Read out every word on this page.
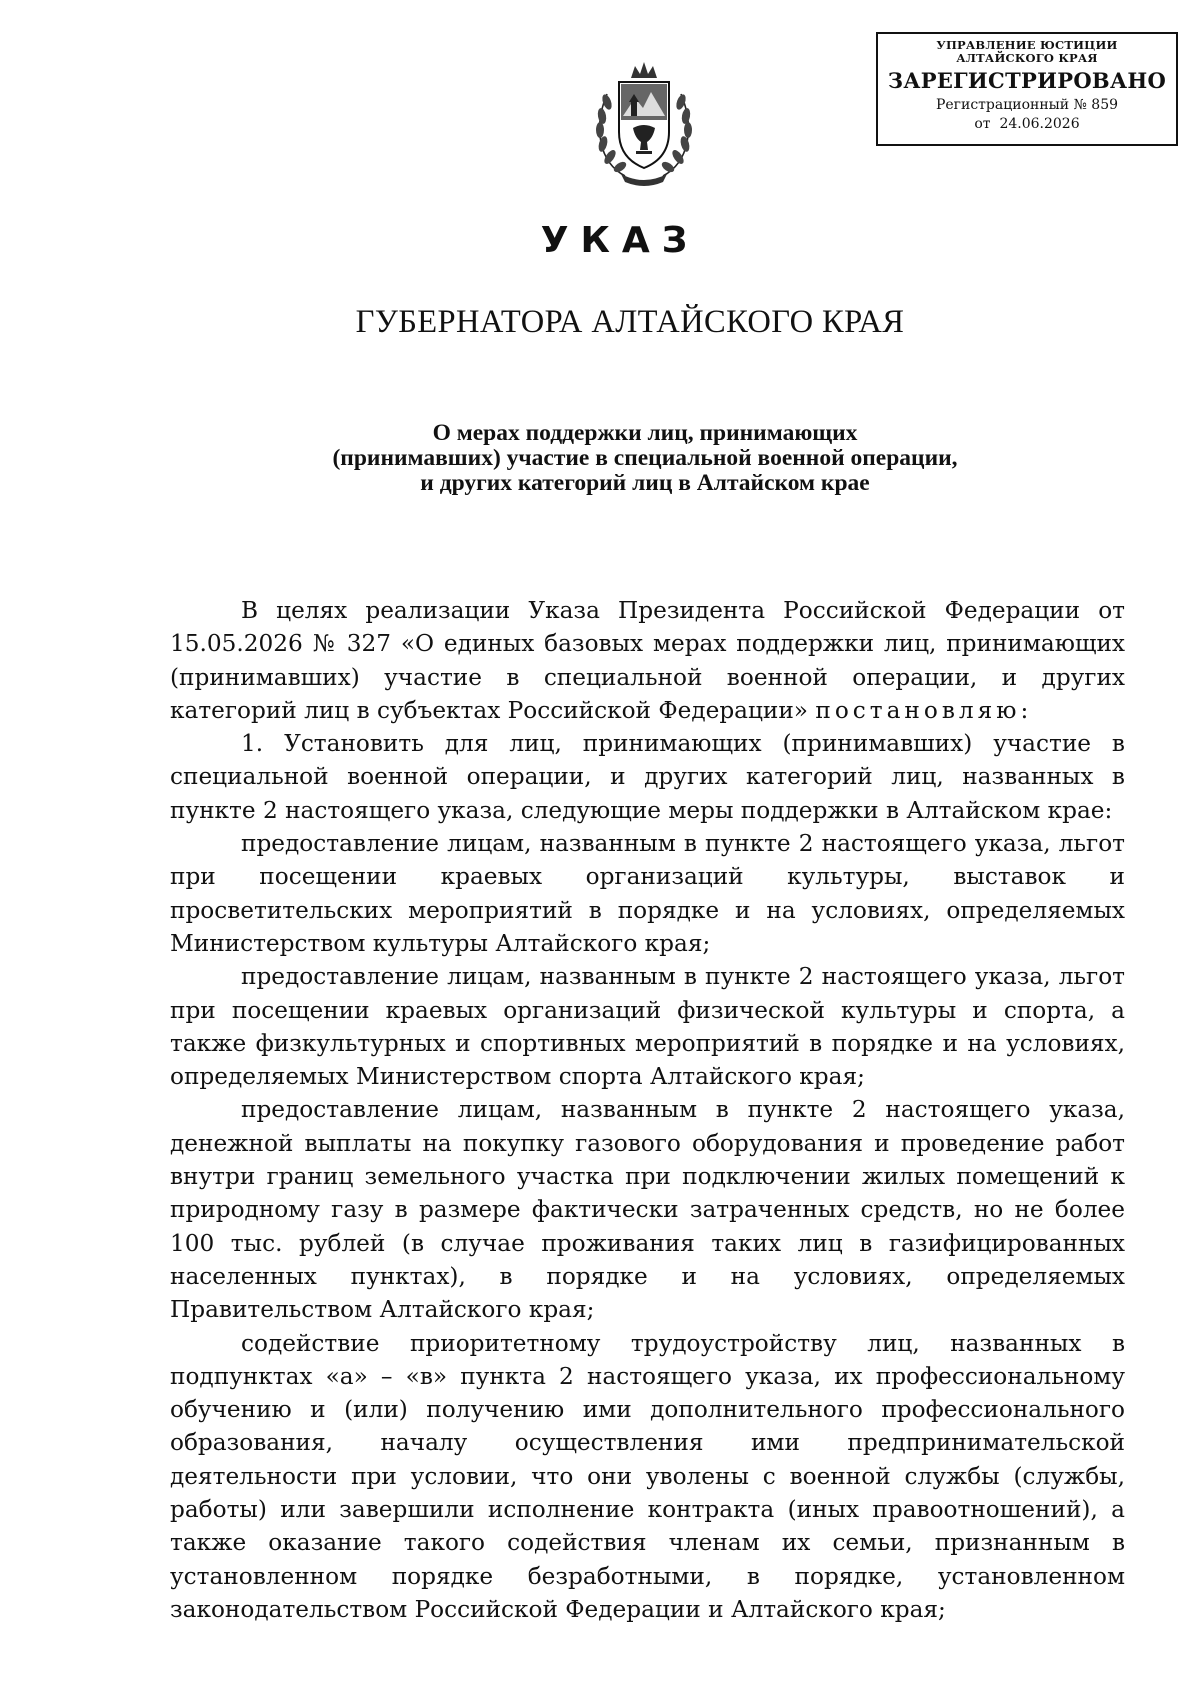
УПРАВЛЕНИЕ ЮСТИЦИИ
АЛТАЙСКОГО КРАЯ
ЗАРЕГИСТРИРОВАНО
Регистрационный № 859
от  24.06.2026
УКАЗ
ГУБЕРНАТОРА АЛТАЙСКОГО КРАЯ
О мерах поддержки лиц, принимающих
(принимавших) участие в специальной военной операции,
и других категорий лиц в Алтайском крае

В целях реализации Указа Президента Российской Федерации от 15.05.2026 № 327 «О единых базовых мерах поддержки лиц, принимающих (принимавших) участие в специальной военной операции, и других категорий лиц в субъектах Российской Федерации» постановляю:

1. Установить для лиц, принимающих (принимавших) участие в специальной военной операции, и других категорий лиц, названных в пункте 2 настоящего указа, следующие меры поддержки в Алтайском крае:

предоставление лицам, названным в пункте 2 настоящего указа, льгот при посещении краевых организаций культуры, выставок и просветительских мероприятий в порядке и на условиях, определяемых Министерством культуры Алтайского края;

предоставление лицам, названным в пункте 2 настоящего указа, льгот при посещении краевых организаций физической культуры и спорта, а также физкультурных и спортивных мероприятий в порядке и на условиях, определяемых Министерством спорта Алтайского края;

предоставление лицам, названным в пункте 2 настоящего указа, денежной выплаты на покупку газового оборудования и проведение работ внутри границ земельного участка при подключении жилых помещений к природному газу в размере фактически затраченных средств, но не более 100 тыс. рублей (в случае проживания таких лиц в газифицированных населенных пунктах), в порядке и на условиях, определяемых Правительством Алтайского края;

содействие приоритетному трудоустройству лиц, названных в подпунктах «а» – «в» пункта 2 настоящего указа, их профессиональному обучению и (или) получению ими дополнительного профессионального образования, началу осуществления ими предпринимательской деятельности при условии, что они уволены с военной службы (службы, работы) или завершили исполнение контракта (иных правоотношений), а также оказание такого содействия членам их семьи, признанным в установленном порядке безработными, в порядке, установленном законодательством Российской Федерации и Алтайского края;
